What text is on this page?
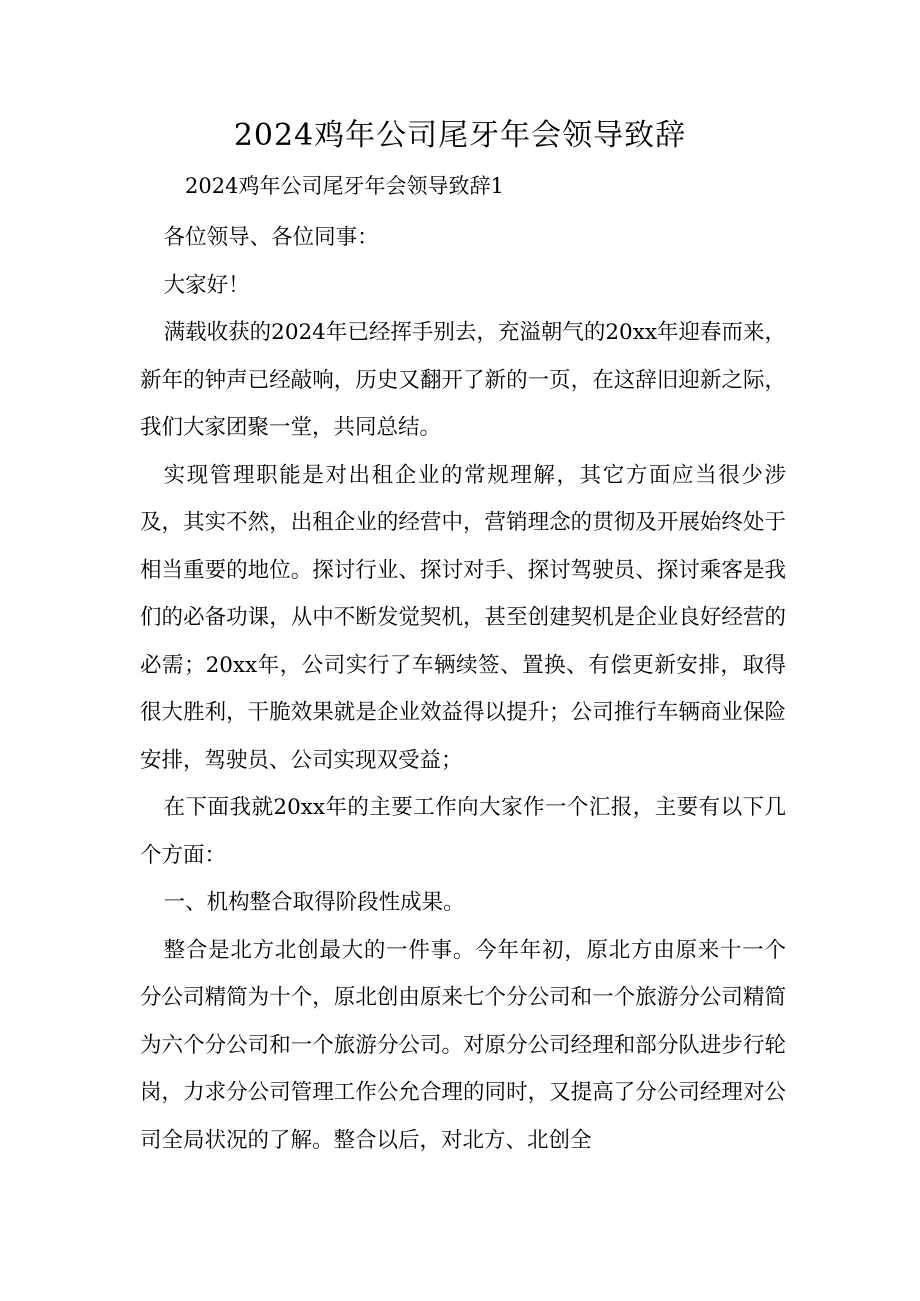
2024鸡年公司尾牙年会领导致辞

2024鸡年公司尾牙年会领导致辞1

各位领导、各位同事：

大家好！

满载收获的2024年已经挥手别去，充溢朝气的20xx年迎春而来，新年的钟声已经敲响，历史又翻开了新的一页，在这辞旧迎新之际，我们大家团聚一堂，共同总结。

实现管理职能是对出租企业的常规理解，其它方面应当很少涉及，其实不然，出租企业的经营中，营销理念的贯彻及开展始终处于相当重要的地位。探讨行业、探讨对手、探讨驾驶员、探讨乘客是我们的必备功课，从中不断发觉契机，甚至创建契机是企业良好经营的必需；20xx年，公司实行了车辆续签、置换、有偿更新安排，取得很大胜利，干脆效果就是企业效益得以提升；公司推行车辆商业保险安排，驾驶员、公司实现双受益；

在下面我就20xx年的主要工作向大家作一个汇报，主要有以下几个方面：

一、机构整合取得阶段性成果。

整合是北方北创最大的一件事。今年年初，原北方由原来十一个分公司精简为十个，原北创由原来七个分公司和一个旅游分公司精简为六个分公司和一个旅游分公司。对原分公司经理和部分队进步行轮岗，力求分公司管理工作公允合理的同时，又提高了分公司经理对公司全局状况的了解。整合以后，对北方、北创全
